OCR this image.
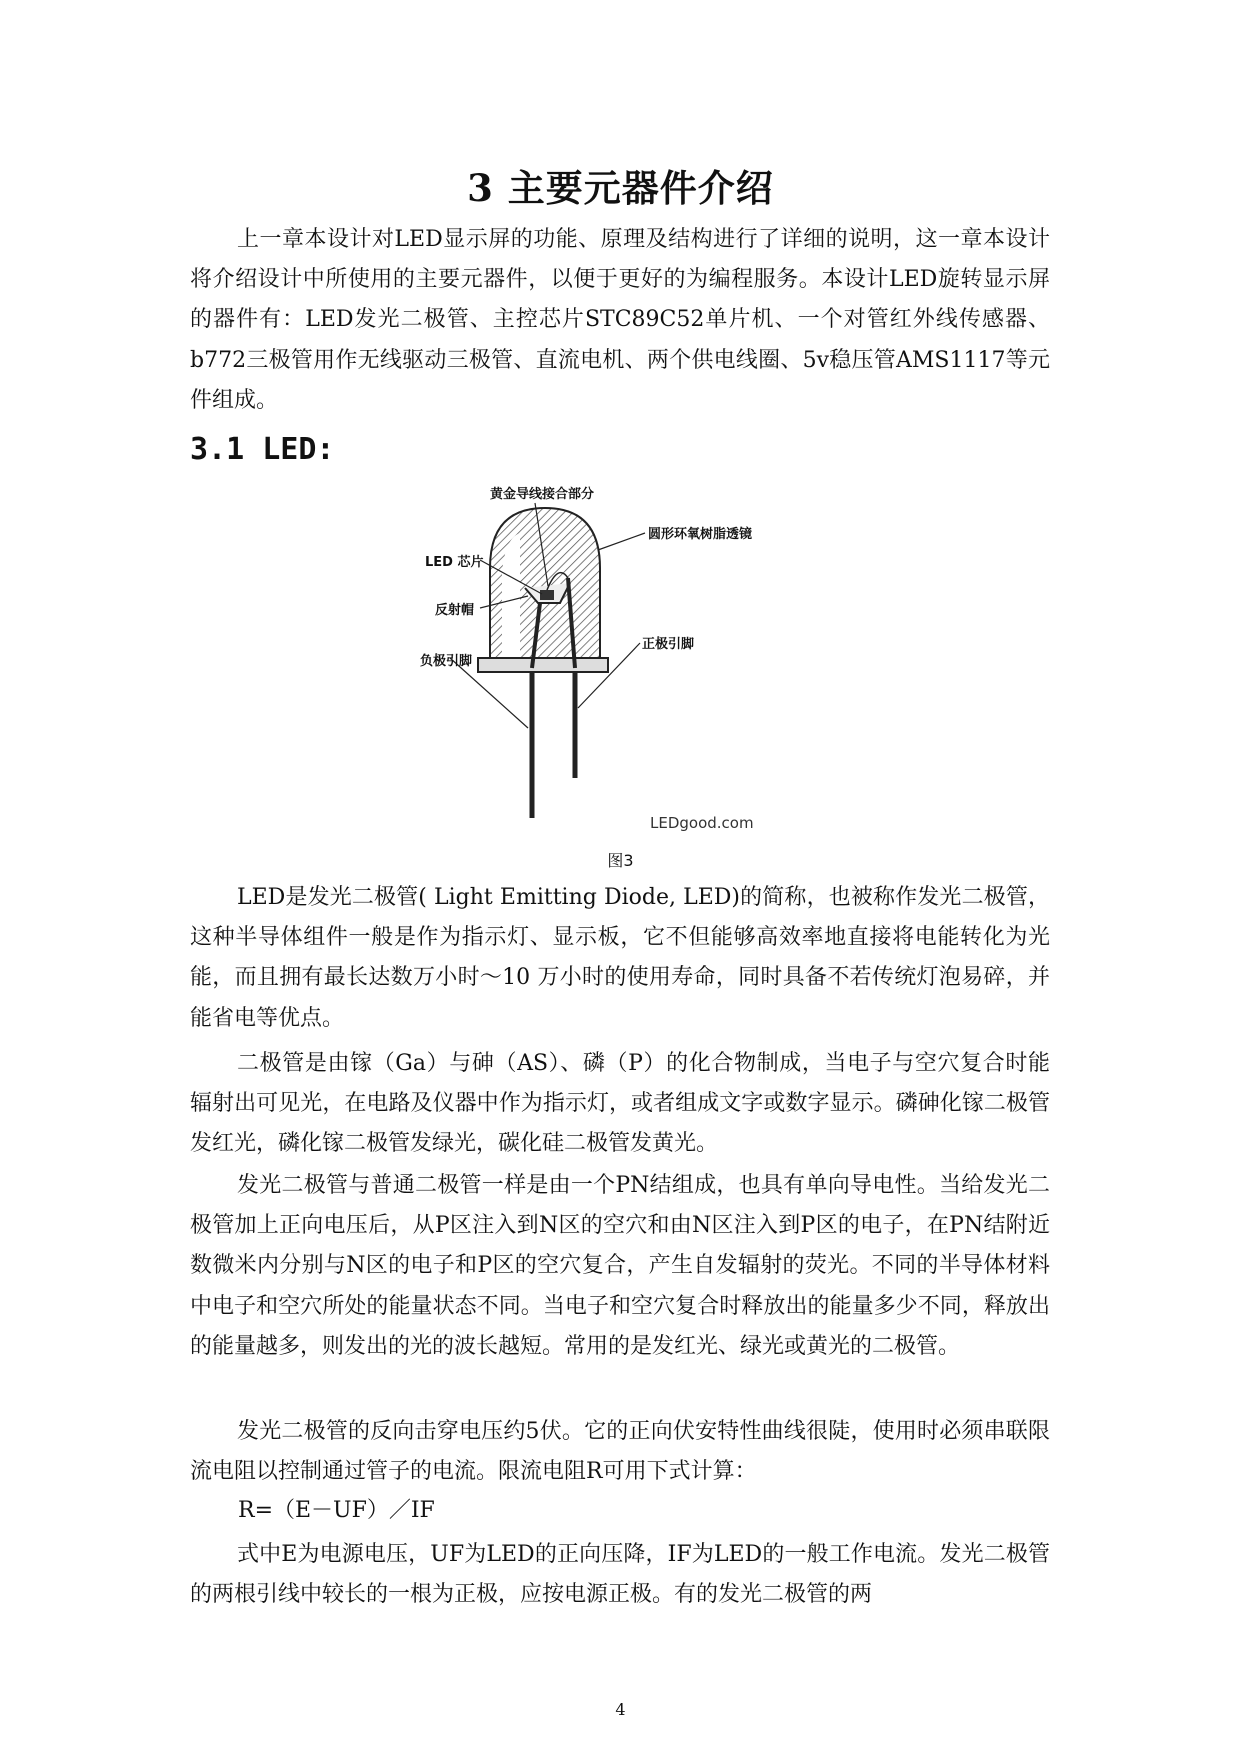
3 主要元器件介绍

上一章本设计对LED显示屏的功能、原理及结构进行了详细的说明，这一章本设计将介绍设计中所使用的主要元器件，以便于更好的为编程服务。本设计LED旋转显示屏的器件有：LED发光二极管、主控芯片STC89C52单片机、一个对管红外线传感器、b772三极管用作无线驱动三极管、直流电机、两个供电线圈、5v稳压管AMS1117等元件组成。

3.1 LED:
黄金导线接合部分
圆形环氧树脂透镜
LED 芯片
反射帽
负极引脚
正极引脚
LEDgood.com
图3

LED是发光二极管( Light Emitting Diode, LED)的简称，也被称作发光二极管，这种半导体组件一般是作为指示灯、显示板，它不但能够高效率地直接将电能转化为光能，而且拥有最长达数万小时～10 万小时的使用寿命，同时具备不若传统灯泡易碎，并能省电等优点。

二极管是由镓（Ga）与砷（AS）、磷（P）的化合物制成，当电子与空穴复合时能辐射出可见光，在电路及仪器中作为指示灯，或者组成文字或数字显示。磷砷化镓二极管发红光，磷化镓二极管发绿光，碳化硅二极管发黄光。

发光二极管与普通二极管一样是由一个PN结组成，也具有单向导电性。当给发光二极管加上正向电压后，从P区注入到N区的空穴和由N区注入到P区的电子，在PN结附近数微米内分别与N区的电子和P区的空穴复合，产生自发辐射的荧光。不同的半导体材料中电子和空穴所处的能量状态不同。当电子和空穴复合时释放出的能量多少不同，释放出的能量越多，则发出的光的波长越短。常用的是发红光、绿光或黄光的二极管。

发光二极管的反向击穿电压约5伏。它的正向伏安特性曲线很陡，使用时必须串联限流电阻以控制通过管子的电流。限流电阻R可用下式计算：

R=（E－UF）／IF

式中E为电源电压，UF为LED的正向压降，IF为LED的一般工作电流。发光二极管的两根引线中较长的一根为正极，应按电源正极。有的发光二极管的两

4
